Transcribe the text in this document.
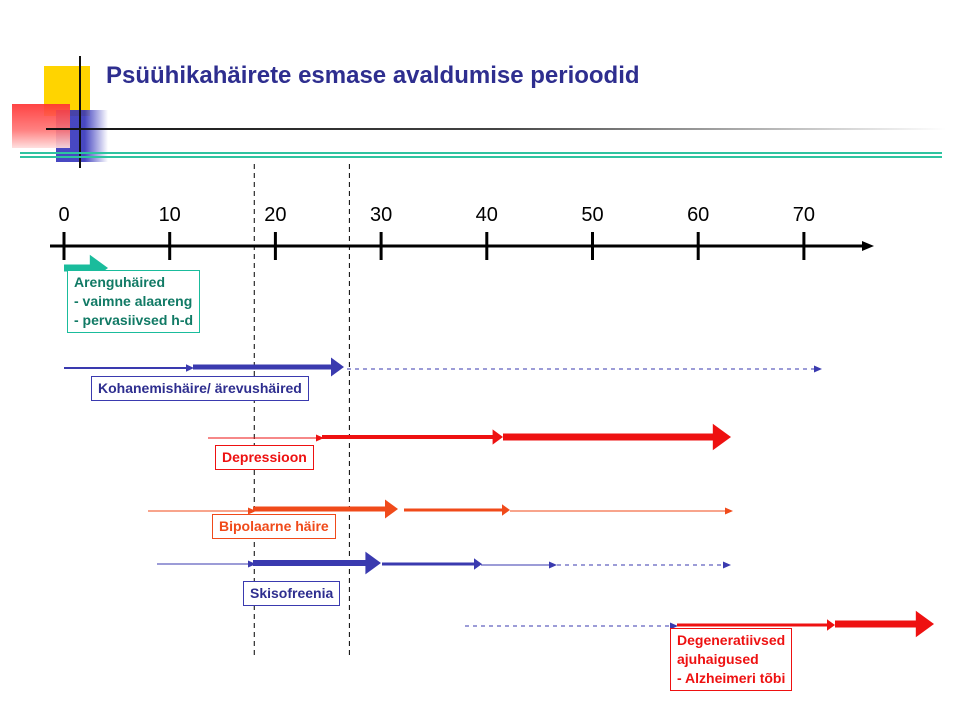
Psüühikahäirete esmase avaldumise perioodid
0	10	20	30	40	50	60	70
Arenguhäired
- vaimne alaareng
- pervasiivsed h-d
Kohanemishäire/ ärevushäired
Depressioon
Bipolaarne häire
Skisofreenia
Degeneratiivsed
ajuhaigused
- Alzheimeri tõbi
